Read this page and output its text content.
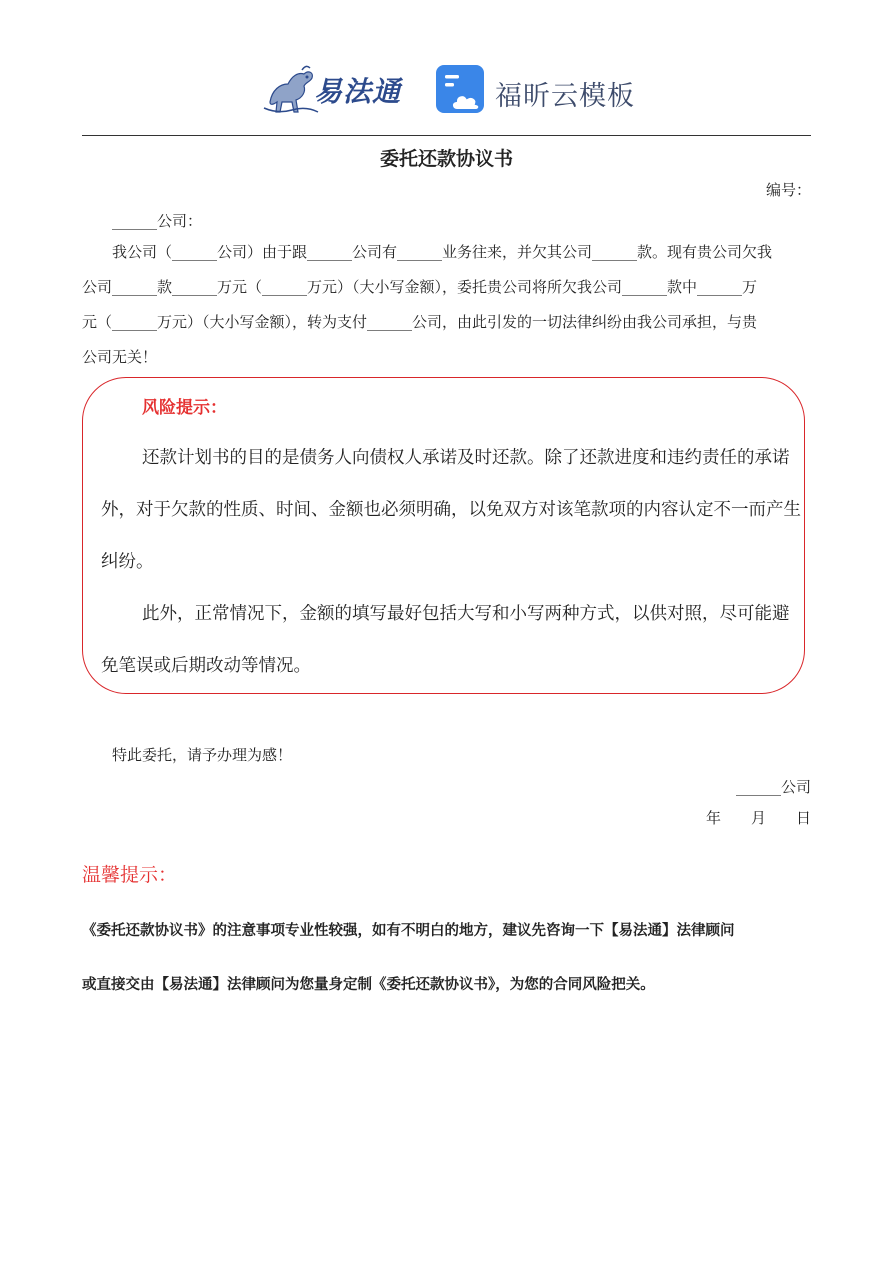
易法通	福昕云模板
委托还款协议书
编号：
______公司：
我公司（______公司）由于跟______公司有______业务往来，并欠其公司______款。现有贵公司欠我
公司______款______万元（______万元）（大小写金额），委托贵公司将所欠我公司______款中______万
元（______万元）（大小写金额），转为支付______公司，由此引发的一切法律纠纷由我公司承担，与贵
公司无关！
风险提示：
还款计划书的目的是债务人向债权人承诺及时还款。除了还款进度和违约责任的承诺
外，对于欠款的性质、时间、金额也必须明确，以免双方对该笔款项的内容认定不一而产生
纠纷。
此外，正常情况下，金额的填写最好包括大写和小写两种方式，以供对照，尽可能避
免笔误或后期改动等情况。
特此委托，请予办理为感！
______公司
年　　月　　日
温馨提示：
《委托还款协议书》的注意事项专业性较强，如有不明白的地方，建议先咨询一下【易法通】法律顾问
或直接交由【易法通】法律顾问为您量身定制《委托还款协议书》，为您的合同风险把关。
